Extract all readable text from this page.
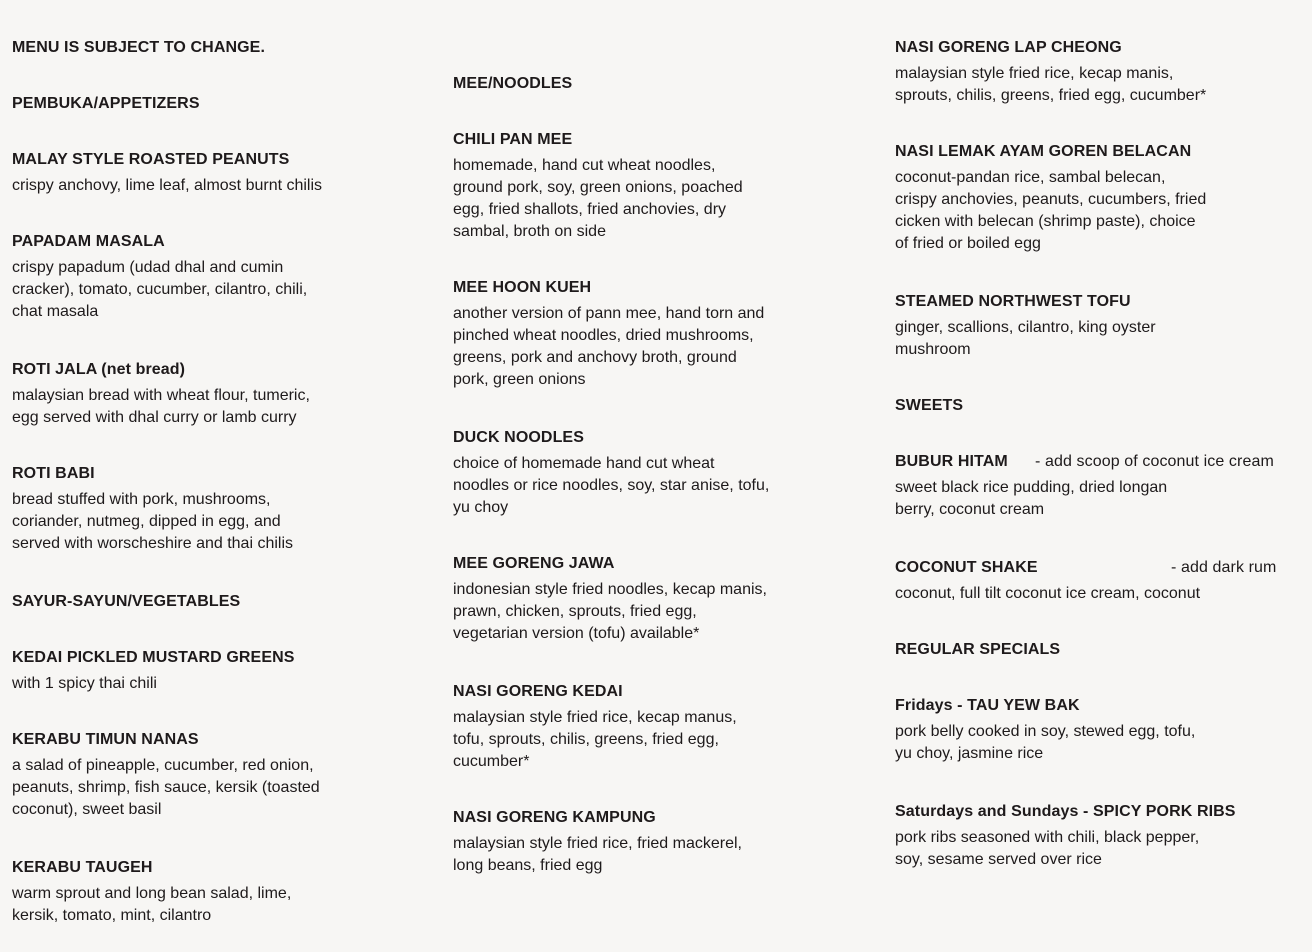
MENU IS SUBJECT TO CHANGE.
PEMBUKA/APPETIZERS
MALAY STYLE ROASTED PEANUTS
crispy anchovy, lime leaf, almost burnt chilis
PAPADAM MASALA
crispy papadum (udad dhal and cumin
cracker), tomato, cucumber, cilantro, chili,
chat masala
ROTI JALA (net bread)
malaysian bread with wheat flour, tumeric,
egg served with dhal curry or lamb curry
ROTI BABI
bread stuffed with pork, mushrooms,
coriander, nutmeg, dipped in egg, and
served with worscheshire and thai chilis
SAYUR-SAYUN/VEGETABLES
KEDAI PICKLED MUSTARD GREENS
with 1 spicy thai chili
KERABU TIMUN NANAS
a salad of pineapple, cucumber, red onion,
peanuts, shrimp, fish sauce, kersik (toasted
coconut), sweet basil
KERABU TAUGEH
warm sprout and long bean salad, lime,
kersik, tomato, mint, cilantro
MEE/NOODLES
CHILI PAN MEE
homemade, hand cut wheat noodles,
ground pork, soy, green onions, poached
egg, fried shallots, fried anchovies, dry
sambal, broth on side
MEE HOON KUEH
another version of pann mee, hand torn and
pinched wheat noodles, dried mushrooms,
greens, pork and anchovy broth, ground
pork, green onions
DUCK NOODLES
choice of homemade hand cut wheat
noodles or rice noodles, soy, star anise, tofu,
yu choy
MEE GORENG JAWA
indonesian style fried noodles, kecap manis,
prawn, chicken, sprouts, fried egg,
vegetarian version (tofu) available*
NASI GORENG KEDAI
malaysian style fried rice, kecap manus,
tofu, sprouts, chilis, greens, fried egg,
cucumber*
NASI GORENG KAMPUNG
malaysian style fried rice, fried mackerel,
long beans, fried egg
NASI GORENG LAP CHEONG
malaysian style fried rice, kecap manis,
sprouts, chilis, greens, fried egg, cucumber*
NASI LEMAK AYAM GOREN BELACAN
coconut-pandan rice, sambal belecan,
crispy anchovies, peanuts, cucumbers, fried
cicken with belecan (shrimp paste), choice
of fried or boiled egg
STEAMED NORTHWEST TOFU
ginger, scallions, cilantro, king oyster
mushroom
SWEETS
BUBUR HITAM - add scoop of coconut ice cream
sweet black rice pudding, dried longan
berry, coconut cream
COCONUT SHAKE	- add dark rum
coconut, full tilt coconut ice cream, coconut
REGULAR SPECIALS
Fridays - TAU YEW BAK
pork belly cooked in soy, stewed egg, tofu,
yu choy, jasmine rice
Saturdays and Sundays - SPICY PORK RIBS
pork ribs seasoned with chili, black pepper,
soy, sesame served over rice
